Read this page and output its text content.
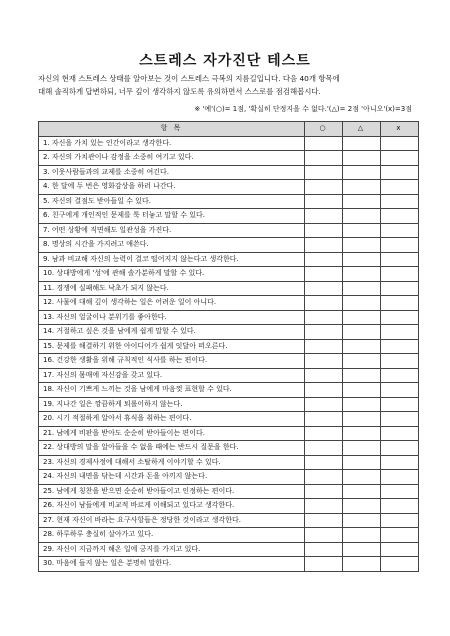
스트레스 자가진단 테스트
자신의 현재 스트레스 상태를 알아보는 것이 스트레스 극복의 지름길입니다. 다음 40개 항목에
대해 솔직하게 답변하되, 너무 깊이 생각하지 않도록 유의하면서 스스로를 점검해봅시다.
※ '예'(○)= 1점, '확실히 단정지을 수 없다.'(△)= 2점 '아니오'(x)=3점
항 목	○	△	x
1. 자신을 가치 있는 인간이라고 생각한다.			
2. 자신의 가치관이나 감정을 소중히 여기고 있다.			
3. 이웃사람들과의 교제를 소중히 여긴다.			
4. 한 달에 두 번은 영화감상을 하러 나간다.			
5. 자신의 결점도 받아들일 수 있다.			
6. 친구에게 개인적인 문제를 툭 터놓고 말할 수 있다.			
7. 어떤 상황에 직면해도 일관성을 가진다.			
8. 명상의 시간을 가지려고 애쓴다.			
9. 남과 비교해 자신의 능력이 결코 떨어지지 않는다고 생각한다.			
10. 상대방에게 '성'에 관해 솔가분하게 말할 수 있다.			
11. 경쟁에 실패해도 낙초가 되지 않는다.			
12. 사물에 대해 깊이 생각하는 일은 어려운 일이 아니다.			
13. 자신의 얼굴이나 분위기를 좋아한다.			
14. 거절하고 싶은 것을 남에게 쉽게 말할 수 있다.			
15. 문제를 해결하기 위한 아이디어가 쉽게 잇달아 떠오른다.			
16. 건강한 생활을 위해 규칙적인 식사를 하는 편이다.			
17. 자신의 몸매에 자신감을 갖고 있다.			
18. 자신이 기쁘게 느끼는 것을 남에게 마음껏 표현할 수 있다.			
19. 지나간 일은 깡끔하게 퇴롤이하지 않는다.			
20. 시기 적절하게 알아서 휴식을 취하는 편이다.			
21. 남에게 비판을 받아도 순순히 받아들이는 편이다.			
22. 상대방의 말을 알아들을 수 없을 때에는 반드시 질문을 한다.			
23. 자신의 경제사정에 대해서 소탈하게 이야기할 수 있다.			
24. 자신의 내면을 닦는데 시간과 돈을 아끼지 않는다.			
25. 남에게 칭찬을 받으면 순순히 받아들이고 인정하는 편이다.			
26. 자신이 남들에게 비교적 바르게 이해되고 있다고 생각한다.			
27. 현재 자신이 바라는 요구사항들은 정당한 것이라고 생각한다.			
28. 하루하루 충실히 살아가고 있다.			
29. 자신이 지금까지 해온 일에 긍지를 가지고 있다.			
30. 마음에 들지 않는 일은 분명히 말한다.			
